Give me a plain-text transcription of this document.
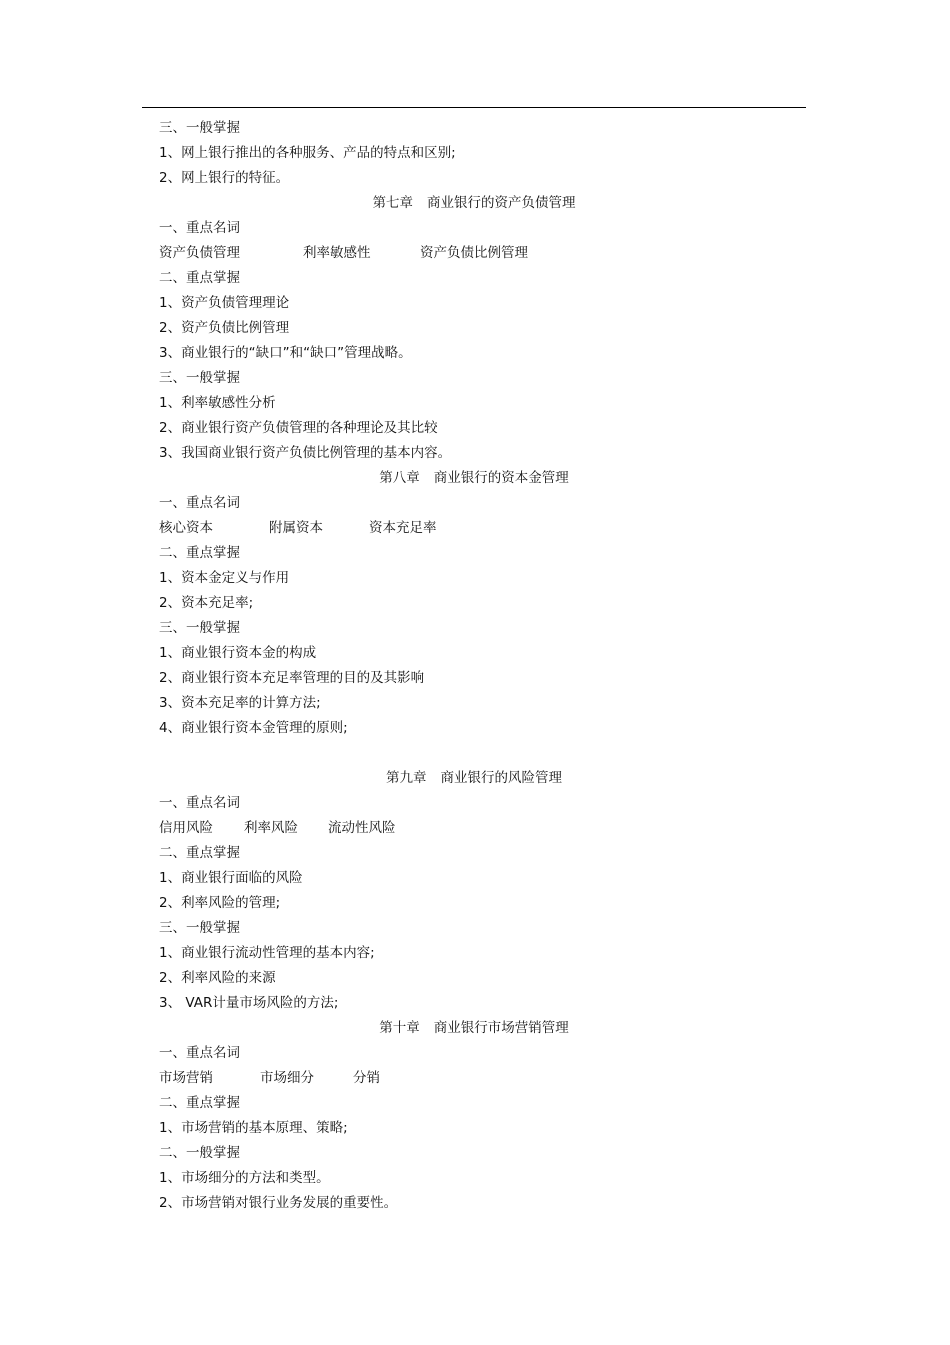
三、一般掌握
1、网上银行推出的各种服务、产品的特点和区别;
2、网上银行的特征。
第七章 商业银行的资产负债管理
一、重点名词
资产负债管理	利率敏感性	资产负债比例管理
二、重点掌握
1、资产负债管理理论
2、资产负债比例管理
3、商业银行的“缺口”和“缺口”管理战略。
三、一般掌握
1、利率敏感性分析
2、商业银行资产负债管理的各种理论及其比较
3、我国商业银行资产负债比例管理的基本内容。
第八章 商业银行的资本金管理
一、重点名词
核心资本	附属资本	资本充足率
二、重点掌握
1、资本金定义与作用
2、资本充足率;
三、一般掌握
1、商业银行资本金的构成
2、商业银行资本充足率管理的目的及其影响
3、资本充足率的计算方法;
4、商业银行资本金管理的原则;
第九章 商业银行的风险管理
一、重点名词
信用风险 利率风险 流动性风险
二、重点掌握
1、商业银行面临的风险
2、利率风险的管理;
三、一般掌握
1、商业银行流动性管理的基本内容;
2、利率风险的来源
3、 VAR计量市场风险的方法;
第十章 商业银行市场营销管理
一、重点名词
市场营销	市场细分	分销
二、重点掌握
1、市场营销的基本原理、策略;
二、一般掌握
1、市场细分的方法和类型。
2、市场营销对银行业务发展的重要性。
